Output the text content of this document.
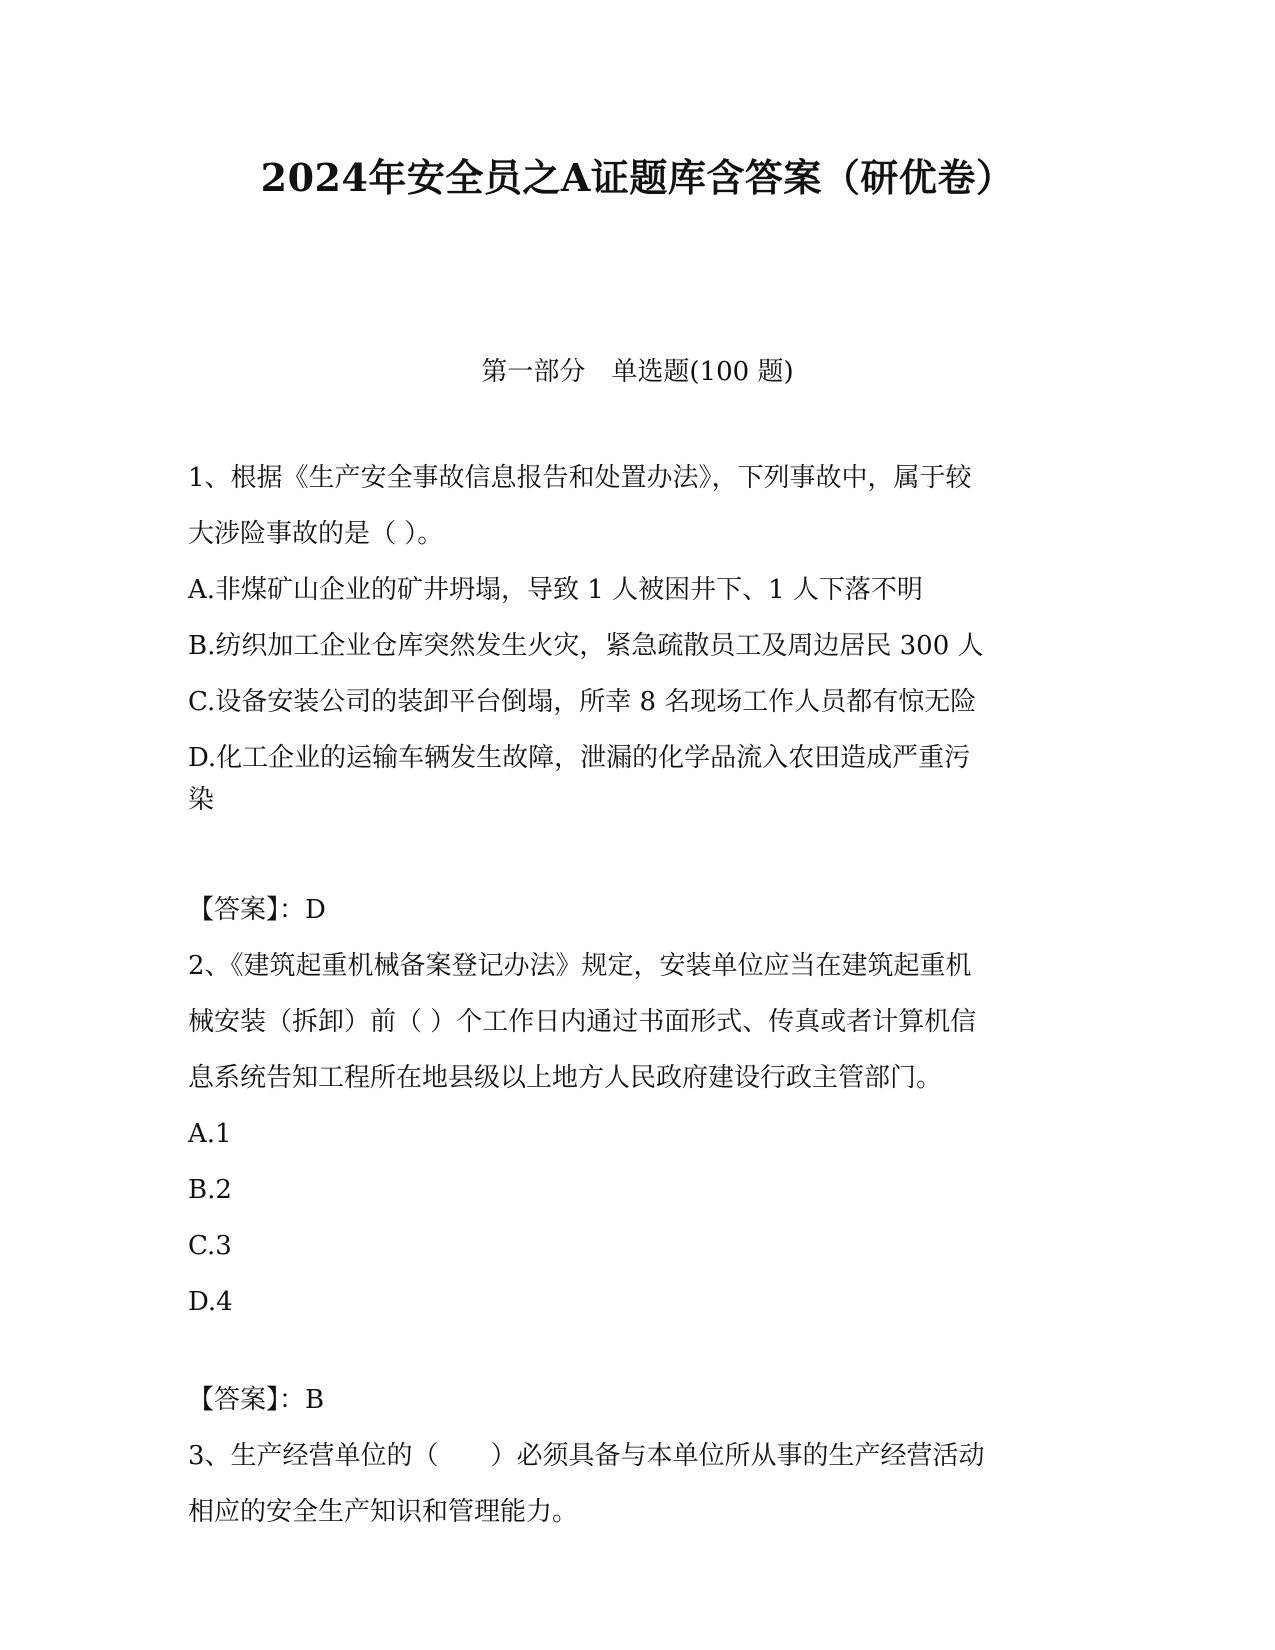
2024年安全员之A证题库含答案（研优卷）
第一部分　单选题(100 题)

1、根据《生产安全事故信息报告和处置办法》，下列事故中，属于较

大涉险事故的是（ ）。

A.非煤矿山企业的矿井坍塌，导致 1 人被困井下、1 人下落不明

B.纺织加工企业仓库突然发生火灾，紧急疏散员工及周边居民 300 人

C.设备安装公司的装卸平台倒塌，所幸 8 名现场工作人员都有惊无险

D.化工企业的运输车辆发生故障，泄漏的化学品流入农田造成严重污

染

【答案】：D

2、《建筑起重机械备案登记办法》规定，安装单位应当在建筑起重机

械安装（拆卸）前（ ）个工作日内通过书面形式、传真或者计算机信

息系统告知工程所在地县级以上地方人民政府建设行政主管部门。

A.1

B.2

C.3

D.4

【答案】：B

3、生产经营单位的（　　）必须具备与本单位所从事的生产经营活动

相应的安全生产知识和管理能力。
